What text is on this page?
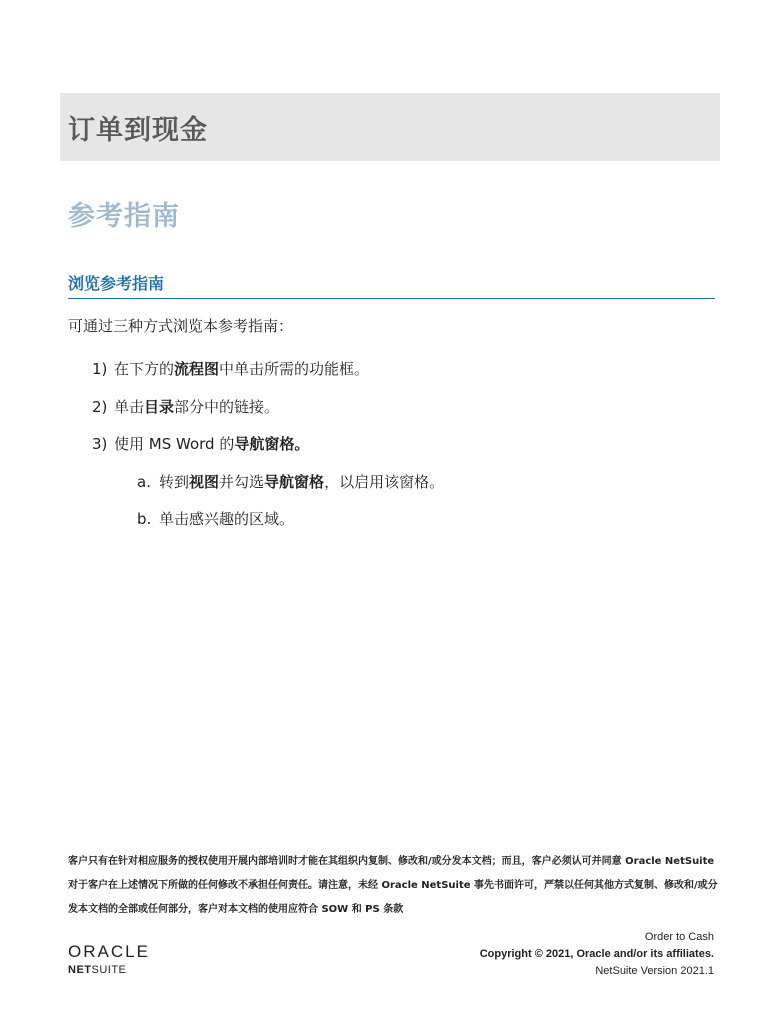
订单到现金
参考指南
浏览参考指南
可通过三种方式浏览本参考指南：
1) 在下方的流程图中单击所需的功能框。
2) 单击目录部分中的链接。
3) 使用 MS Word 的导航窗格。
a. 转到视图并勾选导航窗格，以启用该窗格。
b. 单击感兴趣的区域。
客户只有在针对相应服务的授权使用开展内部培训时才能在其组织内复制、修改和/或分发本文档；而且，客户必须认可并同意 Oracle NetSuite
对于客户在上述情况下所做的任何修改不承担任何责任。请注意，未经 Oracle NetSuite 事先书面许可，严禁以任何其他方式复制、修改和/或分
发本文档的全部或任何部分，客户对本文档的使用应符合 SOW 和 PS 条款
ORACLE
NETSUITE
Order to Cash
Copyright © 2021, Oracle and/or its affiliates.
NetSuite Version 2021.1
